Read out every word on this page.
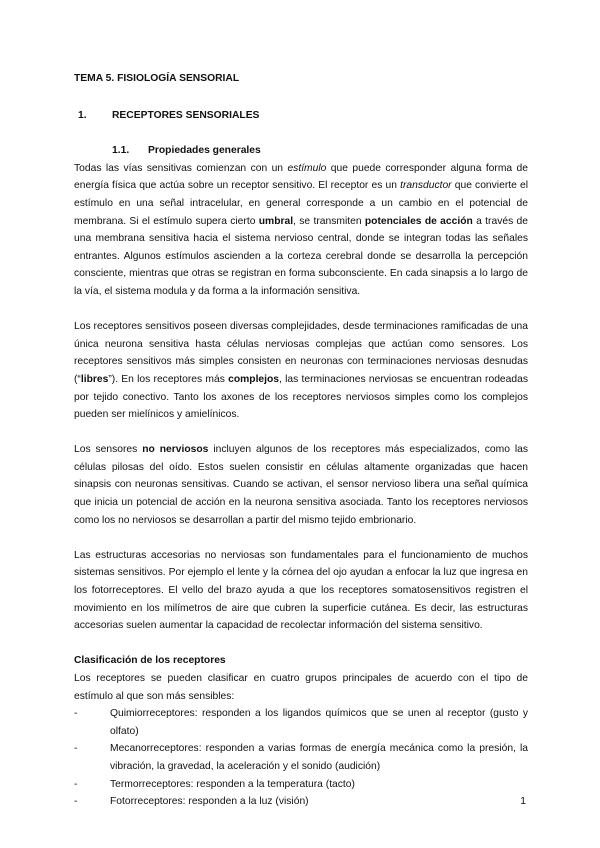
TEMA 5. FISIOLOGÍA SENSORIAL
1.	RECEPTORES SENSORIALES
1.1.	Propiedades generales

Todas las vías sensitivas comienzan con un estímulo que puede corresponder alguna forma de energía física que actúa sobre un receptor sensitivo. El receptor es un transductor que convierte el estímulo en una señal intracelular, en general corresponde a un cambio en el potencial de membrana. Si el estímulo supera cierto umbral, se transmiten potenciales de acción a través de una membrana sensitiva hacia el sistema nervioso central, donde se integran todas las señales entrantes. Algunos estímulos ascienden a la corteza cerebral donde se desarrolla la percepción consciente, mientras que otras se registran en forma subconsciente. En cada sinapsis a lo largo de la vía, el sistema modula y da forma a la información sensitiva.

Los receptores sensitivos poseen diversas complejidades, desde terminaciones ramificadas de una única neurona sensitiva hasta células nerviosas complejas que actúan como sensores. Los receptores sensitivos más simples consisten en neuronas con terminaciones nerviosas desnudas (“libres”). En los receptores más complejos, las terminaciones nerviosas se encuentran rodeadas por tejido conectivo. Tanto los axones de los receptores nerviosos simples como los complejos pueden ser mielínicos y amielínicos.

Los sensores no nerviosos incluyen algunos de los receptores más especializados, como las células pilosas del oído. Estos suelen consistir en células altamente organizadas que hacen sinapsis con neuronas sensitivas. Cuando se activan, el sensor nervioso libera una señal química que inicia un potencial de acción en la neurona sensitiva asociada. Tanto los receptores nerviosos como los no nerviosos se desarrollan a partir del mismo tejido embrionario.

Las estructuras accesorias no nerviosas son fundamentales para el funcionamiento de muchos sistemas sensitivos. Por ejemplo el lente y la córnea del ojo ayudan a enfocar la luz que ingresa en los fotorreceptores. El vello del brazo ayuda a que los receptores somatosensitivos registren el movimiento en los milímetros de aire que cubren la superficie cutánea. Es decir, las estructuras accesorias suelen aumentar la capacidad de recolectar información del sistema sensitivo.

Clasificación de los receptores
Los receptores se pueden clasificar en cuatro grupos principales de acuerdo con el tipo de estímulo al que son más sensibles:
-	Quimiorreceptores: responden a los ligandos químicos que se unen al receptor (gusto y olfato)
-	Mecanorreceptores: responden a varias formas de energía mecánica como la presión, la vibración, la gravedad, la aceleración y el sonido (audición)
-	Termorreceptores: responden a la temperatura (tacto)
-	Fotorreceptores: responden a la luz (visión)	1
